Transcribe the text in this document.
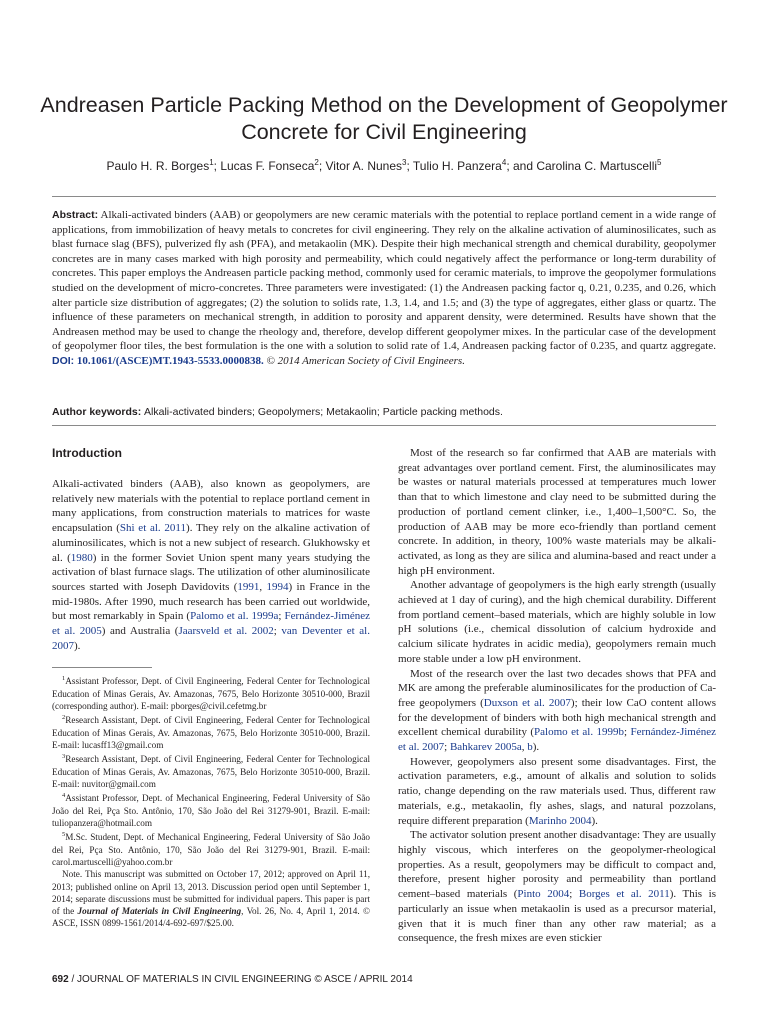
Andreasen Particle Packing Method on the Development of Geopolymer Concrete for Civil Engineering
Paulo H. R. Borges$^1$; Lucas F. Fonseca$^2$; Vitor A. Nunes$^3$; Tulio H. Panzera$^4$; and Carolina C. Martuscelli$^5$

Abstract: Alkali-activated binders (AAB) or geopolymers are new ceramic materials with the potential to replace portland cement in a wide range of applications, from immobilization of heavy metals to concretes for civil engineering. They rely on the alkaline activation of aluminosilicates, such as blast furnace slag (BFS), pulverized fly ash (PFA), and metakaolin (MK). Despite their high mechanical strength and chemical durability, geopolymer concretes are in many cases marked with high porosity and permeability, which could negatively affect the performance or long-term durability of concretes. This paper employs the Andreasen particle packing method, commonly used for ceramic materials, to improve the geopolymer formulations studied on the development of micro-concretes. Three parameters were investigated: (1) the Andreasen packing factor q, 0.21, 0.235, and 0.26, which alter particle size distribution of aggregates; (2) the solution to solids rate, 1.3, 1.4, and 1.5; and (3) the type of aggregates, either glass or quartz. The influence of these parameters on mechanical strength, in addition to porosity and apparent density, were determined. Results have shown that the Andreasen method may be used to change the rheology and, therefore, develop different geopolymer mixes. In the particular case of the development of geopolymer floor tiles, the best formulation is the one with a solution to solid rate of 1.4, Andreasen packing factor of 0.235, and quartz aggregate. DOI: 10.1061/(ASCE)MT.1943-5533.0000838. © 2014 American Society of Civil Engineers.

Author keywords: Alkali-activated binders; Geopolymers; Metakaolin; Particle packing methods.

Introduction

Alkali-activated binders (AAB), also known as geopolymers, are relatively new materials with the potential to replace portland cement in many applications, from construction materials to matrices for waste encapsulation (Shi et al. 2011). They rely on the alkaline activation of aluminosilicates, which is not a new subject of research. Glukhowsky et al. (1980) in the former Soviet Union spent many years studying the activation of blast furnace slags. The utilization of other aluminosilicate sources started with Joseph Davidovits (1991, 1994) in France in the mid-1980s. After 1990, much research has been carried out worldwide, but most remarkably in Spain (Palomo et al. 1999a; Fernández-Jiménez et al. 2005) and Australia (Jaarsveld et al. 2002; van Deventer et al. 2007).

$^1$Assistant Professor, Dept. of Civil Engineering, Federal Center for Technological Education of Minas Gerais, Av. Amazonas, 7675, Belo Horizonte 30510-000, Brazil (corresponding author). E-mail: pborges@civil.cefetmg.br

$^2$Research Assistant, Dept. of Civil Engineering, Federal Center for Technological Education of Minas Gerais, Av. Amazonas, 7675, Belo Horizonte 30510-000, Brazil. E-mail: lucasff13@gmail.com

$^3$Research Assistant, Dept. of Civil Engineering, Federal Center for Technological Education of Minas Gerais, Av. Amazonas, 7675, Belo Horizonte 30510-000, Brazil. E-mail: nuvitor@gmail.com

$^4$Assistant Professor, Dept. of Mechanical Engineering, Federal University of São João del Rei, Pça Sto. Antônio, 170, São João del Rei 31279-901, Brazil. E-mail: tuliopanzera@hotmail.com

$^5$M.Sc. Student, Dept. of Mechanical Engineering, Federal University of São João del Rei, Pça Sto. Antônio, 170, São João del Rei 31279-901, Brazil. E-mail: carol.martuscelli@yahoo.com.br

Note. This manuscript was submitted on October 17, 2012; approved on April 11, 2013; published online on April 13, 2013. Discussion period open until September 1, 2014; separate discussions must be submitted for individual papers. This paper is part of the Journal of Materials in Civil Engineering, Vol. 26, No. 4, April 1, 2014. © ASCE, ISSN 0899-1561/2014/4-692-697/$25.00.

Most of the research so far confirmed that AAB are materials with great advantages over portland cement. First, the aluminosilicates may be wastes or natural materials processed at temperatures much lower than that to which limestone and clay need to be submitted during the production of portland cement clinker, i.e., 1,400–1,500°C. So, the production of AAB may be more eco-friendly than portland cement concrete. In addition, in theory, 100% waste materials may be alkali-activated, as long as they are silica and alumina-based and react under a high pH environment.

Another advantage of geopolymers is the high early strength (usually achieved at 1 day of curing), and the high chemical durability. Different from portland cement–based materials, which are highly soluble in low pH solutions (i.e., chemical dissolution of calcium hydroxide and calcium silicate hydrates in acidic media), geopolymers remain much more stable under a low pH environment.

Most of the research over the last two decades shows that PFA and MK are among the preferable aluminosilicates for the production of Ca-free geopolymers (Duxson et al. 2007); their low CaO content allows for the development of binders with both high mechanical strength and excellent chemical durability (Palomo et al. 1999b; Fernández-Jiménez et al. 2007; Bahkarev 2005a, b).

However, geopolymers also present some disadvantages. First, the activation parameters, e.g., amount of alkalis and solution to solids ratio, change depending on the raw materials used. Thus, different raw materials, e.g., metakaolin, fly ashes, slags, and natural pozzolans, require different preparation (Marinho 2004).

The activator solution present another disadvantage: They are usually highly viscous, which interferes on the geopolymer-rheological properties. As a result, geopolymers may be difficult to compact and, therefore, present higher porosity and permeability than portland cement–based materials (Pinto 2004; Borges et al. 2011). This is particularly an issue when metakaolin is used as a precursor material, given that it is much finer than any other raw material; as a consequence, the fresh mixes are even stickier

692 / JOURNAL OF MATERIALS IN CIVIL ENGINEERING © ASCE / APRIL 2014
